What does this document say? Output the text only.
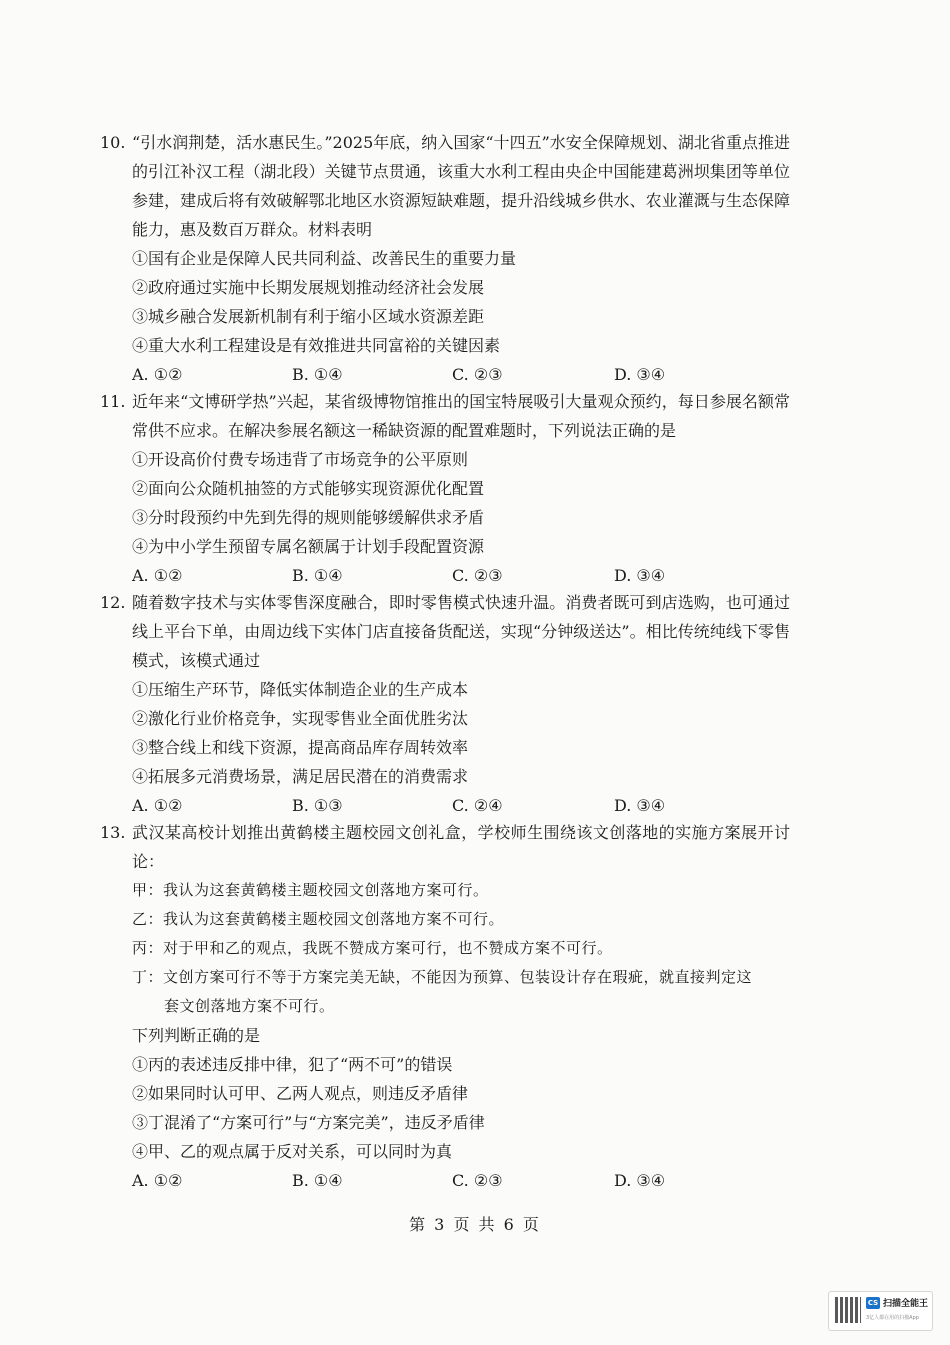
10. “引水润荆楚，活水惠民生。”2025年底，纳入国家“十四五”水安全保障规划、湖北省重点推进的引江补汉工程（湖北段）关键节点贯通，该重大水利工程由央企中国能建葛洲坝集团等单位参建，建成后将有效破解鄂北地区水资源短缺难题，提升沿线城乡供水、农业灌溉与生态保障能力，惠及数百万群众。材料表明
①国有企业是保障人民共同利益、改善民生的重要力量
②政府通过实施中长期发展规划推动经济社会发展
③城乡融合发展新机制有利于缩小区域水资源差距
④重大水利工程建设是有效推进共同富裕的关键因素
A. ①②	B. ①④	C. ②③	D. ③④
11. 近年来“文博研学热”兴起，某省级博物馆推出的国宝特展吸引大量观众预约，每日参展名额常常供不应求。在解决参展名额这一稀缺资源的配置难题时，下列说法正确的是
①开设高价付费专场违背了市场竞争的公平原则
②面向公众随机抽签的方式能够实现资源优化配置
③分时段预约中先到先得的规则能够缓解供求矛盾
④为中小学生预留专属名额属于计划手段配置资源
A. ①②	B. ①④	C. ②③	D. ③④
12. 随着数字技术与实体零售深度融合，即时零售模式快速升温。消费者既可到店选购，也可通过线上平台下单，由周边线下实体门店直接备货配送，实现“分钟级送达”。相比传统纯线下零售模式，该模式通过
①压缩生产环节，降低实体制造企业的生产成本
②激化行业价格竞争，实现零售业全面优胜劣汰
③整合线上和线下资源，提高商品库存周转效率
④拓展多元消费场景，满足居民潜在的消费需求
A. ①②	B. ①③	C. ②④	D. ③④
13. 武汉某高校计划推出黄鹤楼主题校园文创礼盒，学校师生围绕该文创落地的实施方案展开讨论：
甲：我认为这套黄鹤楼主题校园文创落地方案可行。
乙：我认为这套黄鹤楼主题校园文创落地方案不可行。
丙：对于甲和乙的观点，我既不赞成方案可行，也不赞成方案不可行。
丁：文创方案可行不等于方案完美无缺，不能因为预算、包装设计存在瑕疵，就直接判定这
套文创落地方案不可行。
下列判断正确的是
①丙的表述违反排中律，犯了“两不可”的错误
②如果同时认可甲、乙两人观点，则违反矛盾律
③丁混淆了“方案可行”与“方案完美”，违反矛盾律
④甲、乙的观点属于反对关系，可以同时为真
A. ①②	B. ①④	C. ②③	D. ③④
第 3 页 共 6 页
CS 扫描全能王
3亿人都在用的扫描App
